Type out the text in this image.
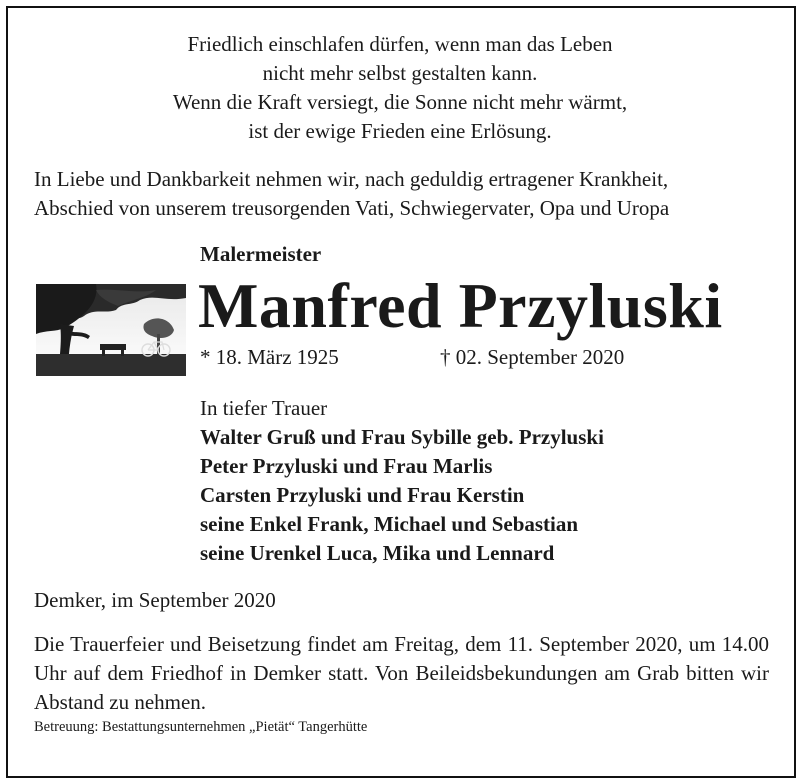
Friedlich einschlafen dürfen, wenn man das Leben
nicht mehr selbst gestalten kann.
Wenn die Kraft versiegt, die Sonne nicht mehr wärmt,
ist der ewige Frieden eine Erlösung.
In Liebe und Dankbarkeit nehmen wir, nach geduldig ertragener Krankheit,
Abschied von unserem treusorgenden Vati, Schwiegervater, Opa und Uropa
Malermeister
Manfred Przyluski
* 18. März 1925	† 02. September 2020
In tiefer Trauer
Walter Gruß und Frau Sybille geb. Przyluski
Peter Przyluski und Frau Marlis
Carsten Przyluski und Frau Kerstin
seine Enkel Frank, Michael und Sebastian
seine Urenkel Luca, Mika und Lennard
Demker, im September 2020
Die Trauerfeier und Beisetzung findet am Freitag, dem 11. September 2020, um 14.00 Uhr auf dem Friedhof in Demker statt. Von Beileidsbekundungen am Grab bitten wir Abstand zu nehmen.
Betreuung: Bestattungsunternehmen „Pietät“ Tangerhütte
